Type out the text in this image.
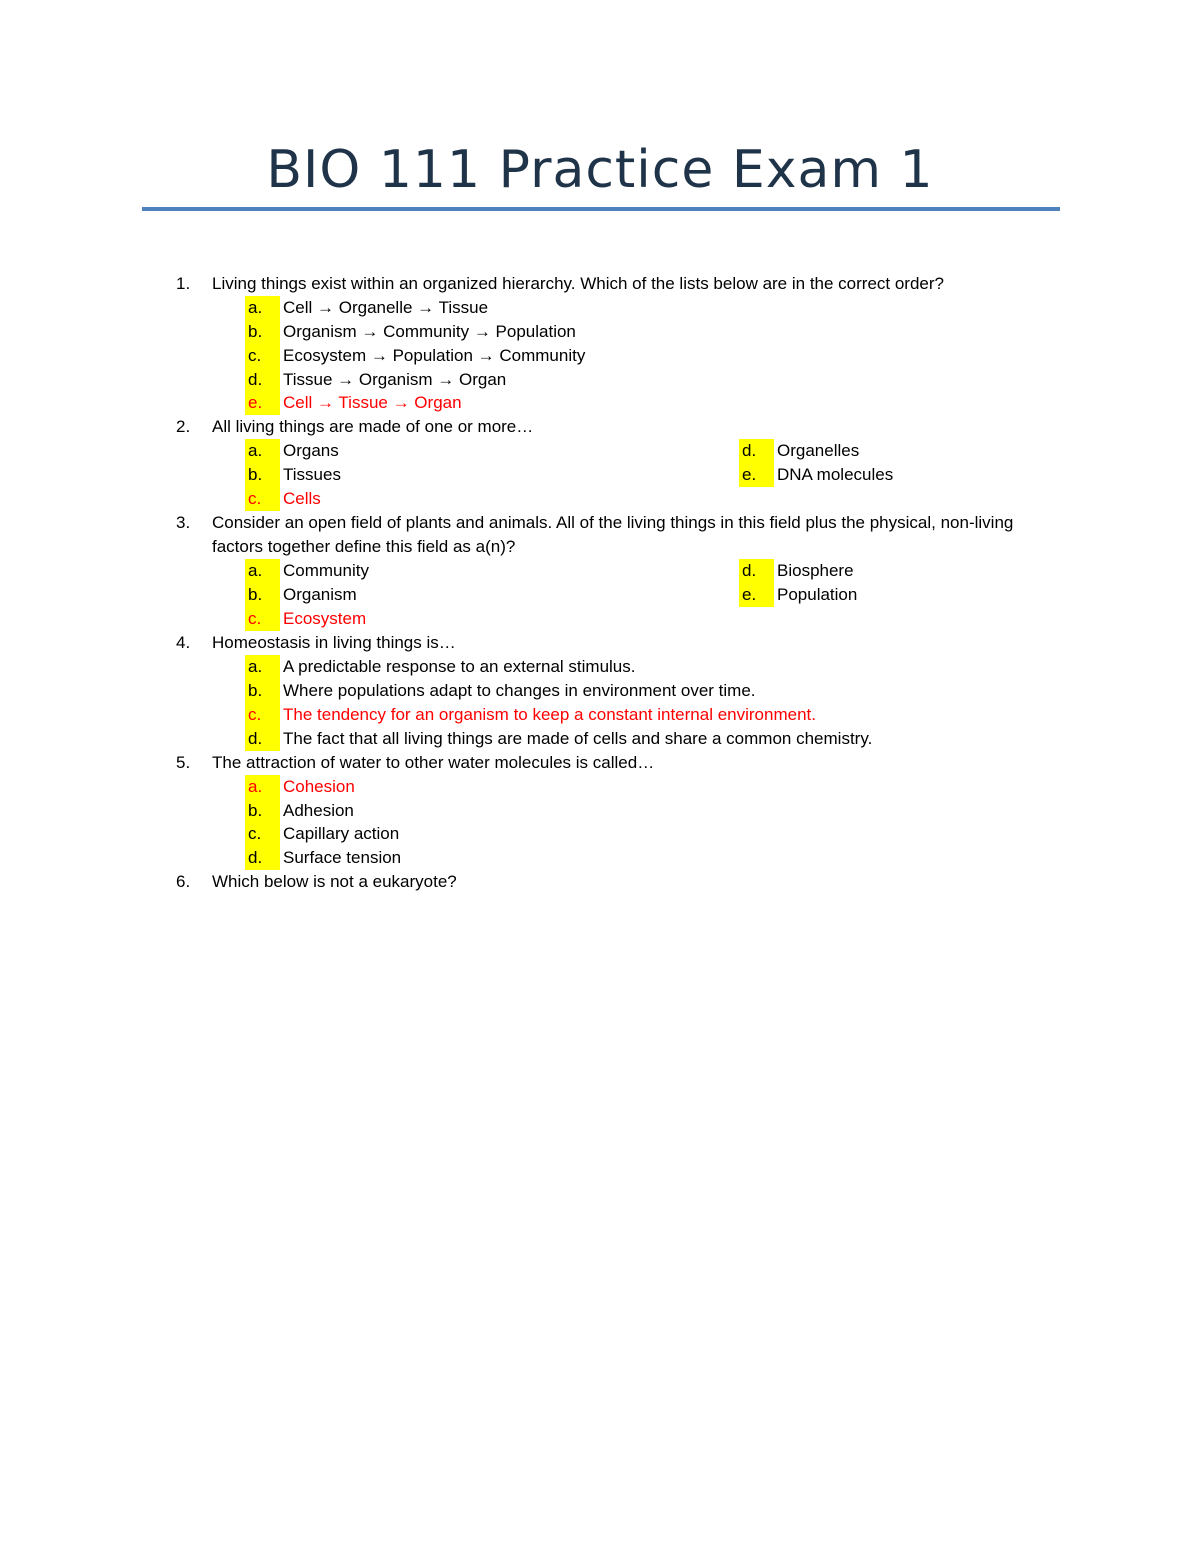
BIO 111 Practice Exam 1
1. Living things exist within an organized hierarchy. Which of the lists below are in the correct order?
a.	Cell → Organelle → Tissue
b.	Organism → Community → Population
c.	Ecosystem → Population → Community
d.	Tissue → Organism → Organ
e.	Cell → Tissue → Organ
2. All living things are made of one or more…
a.	Organs
b.	Tissues
c.	Cells
d.	Organelles
e.	DNA molecules
3. Consider an open field of plants and animals. All of the living things in this field plus the physical, non-living factors together define this field as a(n)?
a.	Community
b.	Organism
c.	Ecosystem
d.	Biosphere
e.	Population
4. Homeostasis in living things is…
a.	A predictable response to an external stimulus.
b.	Where populations adapt to changes in environment over time.
c.	The tendency for an organism to keep a constant internal environment.
d.	The fact that all living things are made of cells and share a common chemistry.
5. The attraction of water to other water molecules is called…
a.	Cohesion
b.	Adhesion
c.	Capillary action
d.	Surface tension
6. Which below is not a eukaryote?
